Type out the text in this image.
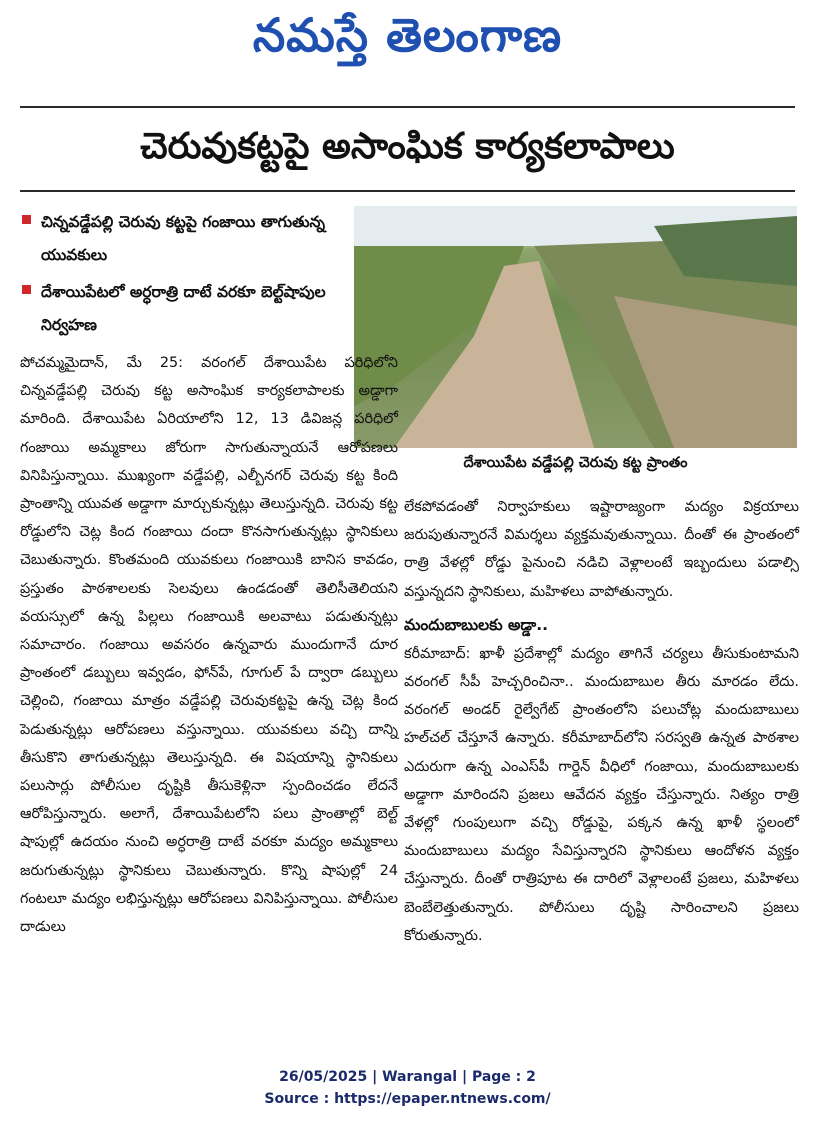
నమస్తే తెలంగాణ
చెరువుకట్టపై అసాంఘిక కార్యకలాపాలు
చిన్నవడ్డేపల్లి చెరువు కట్టపై గంజాయి తాగుతున్న యువకులు
దేశాయిపేటలో అర్ధరాత్రి దాటే వరకూ బెల్ట్‌షాపుల నిర్వహణ
దేశాయిపేట వడ్డేపల్లి చెరువు కట్ట ప్రాంతం

పోచమ్మమైదాన్, మే 25: వరంగల్ దేశాయిపేట పరిధిలోని చిన్నవడ్డేపల్లి చెరువు కట్ట అసాంఘిక కార్యకలాపాలకు అడ్డాగా మారింది. దేశాయిపేట ఏరియాలోని 12, 13 డివిజన్ల పరిధిలో గంజాయి అమ్మకాలు జోరుగా సాగుతున్నాయనే ఆరోపణలు వినిపిస్తున్నాయి. ముఖ్యంగా వడ్డేపల్లి, ఎల్బీనగర్ చెరువు కట్ట కింది ప్రాంతాన్ని యువత అడ్డాగా మార్చుకున్నట్లు తెలుస్తున్నది. చెరువు కట్ట రోడ్డులోని చెట్ల కింద గంజాయి దందా కొనసాగుతున్నట్లు స్థానికులు చెబుతున్నారు. కొంతమంది యువకులు గంజాయికి బానిస కావడం, ప్రస్తుతం పాఠశాలలకు సెలవులు ఉండడంతో తెలిసీతెలియని వయస్సులో ఉన్న పిల్లలు గంజాయికి అలవాటు పడుతున్నట్లు సమాచారం. గంజాయి అవసరం ఉన్నవారు ముందుగానే దూర ప్రాంతంలో డబ్బులు ఇవ్వడం, ఫోన్‌పే, గూగుల్ పే ద్వారా డబ్బులు చెల్లించి, గంజాయి మాత్రం వడ్డేపల్లి చెరువుకట్టపై ఉన్న చెట్ల కింద పెడుతున్నట్లు ఆరోపణలు వస్తున్నాయి. యువకులు వచ్చి దాన్ని తీసుకొని తాగుతున్నట్లు తెలుస్తున్నది. ఈ విషయాన్ని స్థానికులు పలుసార్లు పోలీసుల దృష్టికి తీసుకెళ్లినా స్పందించడం లేదనే ఆరోపిస్తున్నారు. అలాగే, దేశాయిపేటలోని పలు ప్రాంతాల్లో బెల్ట్ షాపుల్లో ఉదయం నుంచి అర్ధరాత్రి దాటే వరకూ మద్యం అమ్మకాలు జరుగుతున్నట్లు స్థానికులు చెబుతున్నారు. కొన్ని షాపుల్లో 24 గంటలూ మద్యం లభిస్తున్నట్లు ఆరోపణలు వినిపిస్తున్నాయి. పోలీసుల దాడులు

లేకపోవడంతో నిర్వాహకులు ఇష్టారాజ్యంగా మద్యం విక్రయాలు జరుపుతున్నారనే విమర్శలు వ్యక్తమవుతున్నాయి. దీంతో ఈ ప్రాంతంలో రాత్రి వేళల్లో రోడ్డు పైనుంచి నడిచి వెళ్లాలంటే ఇబ్బందులు పడాల్సి వస్తున్నదని స్థానికులు, మహిళలు వాపోతున్నారు.

మందుబాబులకు అడ్డా..

కరీమాబాద్: ఖాళీ ప్రదేశాల్లో మద్యం తాగినే చర్యలు తీసుకుంటామని వరంగల్ సీపీ హెచ్చరించినా.. మందుబాబుల తీరు మారడం లేదు. వరంగల్ అండర్ రైల్వేగేట్ ప్రాంతంలోని పలుచోట్ల మందుబాబులు హల్‌చల్ చేస్తూనే ఉన్నారు. కరీమాబాద్‌లోని సరస్వతి ఉన్నత పాఠశాల ఎదురుగా ఉన్న ఎంఎస్‌పీ గార్డెన్ వీధిలో గంజాయి, మందుబాబులకు అడ్డాగా మారిందని ప్రజలు ఆవేదన వ్యక్తం చేస్తున్నారు. నిత్యం రాత్రి వేళల్లో గుంపులుగా వచ్చి రోడ్డుపై, పక్కన ఉన్న ఖాళీ స్థలంలో మందుబాబులు మద్యం సేవిస్తున్నారని స్థానికులు ఆందోళన వ్యక్తం చేస్తున్నారు. దీంతో రాత్రిపూట ఈ దారిలో వెళ్లాలంటే ప్రజలు, మహిళలు బెంబేలెత్తుతున్నారు. పోలీసులు దృష్టి సారించాలని ప్రజలు కోరుతున్నారు.

26/05/2025 | Warangal | Page : 2
Source : https://epaper.ntnews.com/
